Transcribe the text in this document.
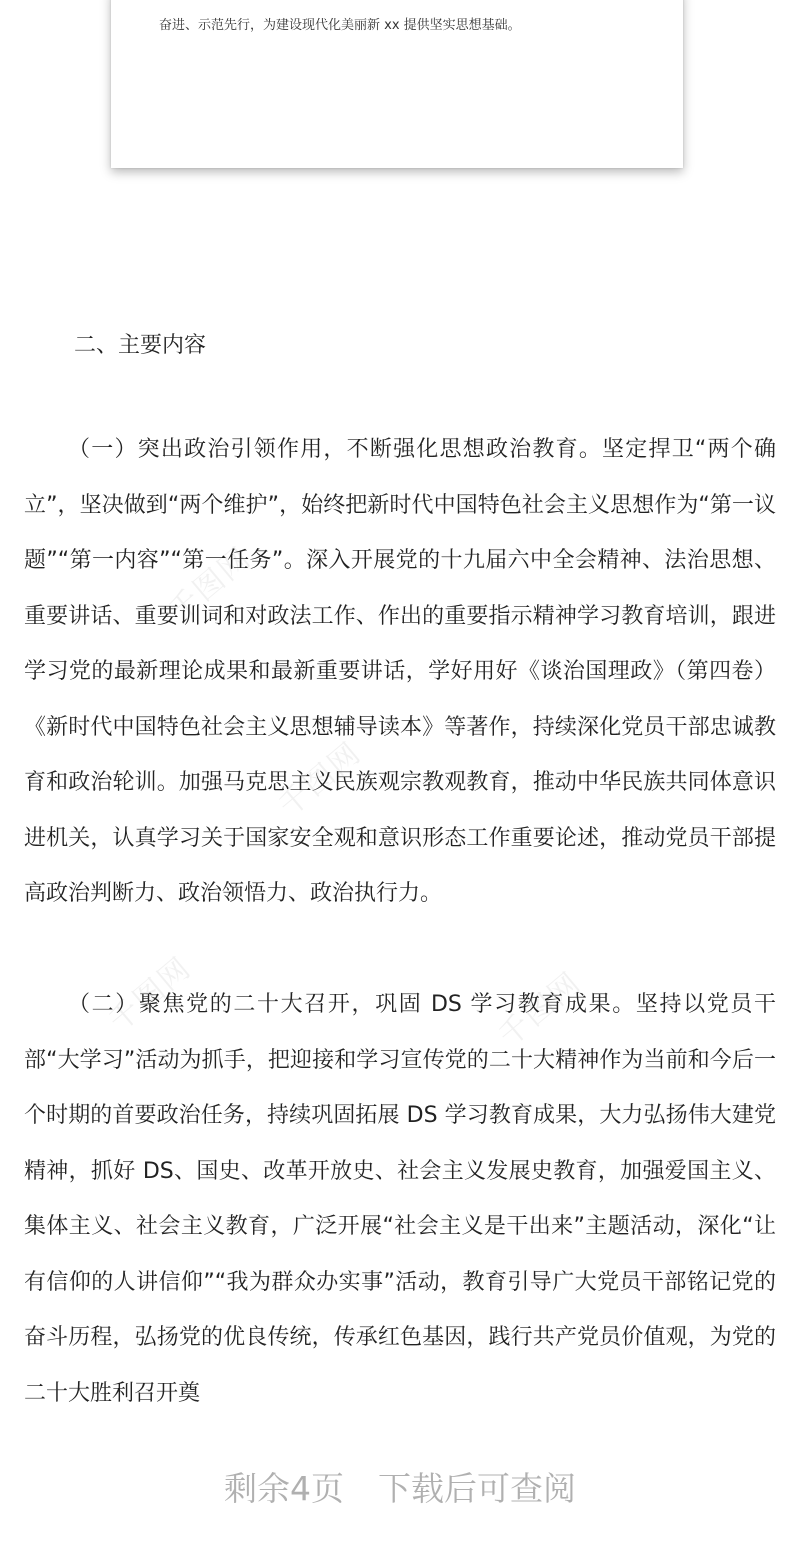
奋进、示范先行，为建设现代化美丽新 xx 提供坚实思想基础。
千图网
千图网
千图网	千图网
二、主要内容

（一）突出政治引领作用，不断强化思想政治教育。坚定捍卫“两个确立”，坚决做到“两个维护”，始终把新时代中国特色社会主义思想作为“第一议题”“第一内容”“第一任务”。深入开展党的十九届六中全会精神、法治思想、重要讲话、重要训词和对政法工作、作出的重要指示精神学习教育培训，跟进学习党的最新理论成果和最新重要讲话，学好用好《谈治国理政》（第四卷）《新时代中国特色社会主义思想辅导读本》等著作，持续深化党员干部忠诚教育和政治轮训。加强马克思主义民族观宗教观教育，推动中华民族共同体意识进机关，认真学习关于国家安全观和意识形态工作重要论述，推动党员干部提高政治判断力、政治领悟力、政治执行力。

（二）聚焦党的二十大召开，巩固 DS 学习教育成果。坚持以党员干部“大学习”活动为抓手，把迎接和学习宣传党的二十大精神作为当前和今后一个时期的首要政治任务，持续巩固拓展 DS 学习教育成果，大力弘扬伟大建党精神，抓好 DS、国史、改革开放史、社会主义发展史教育，加强爱国主义、集体主义、社会主义教育，广泛开展“社会主义是干出来”主题活动，深化“让有信仰的人讲信仰”“我为群众办实事”活动，教育引导广大党员干部铭记党的奋斗历程，弘扬党的优良传统，传承红色基因，践行共产党员价值观，为党的二十大胜利召开奠

剩余4页 下载后可查阅
